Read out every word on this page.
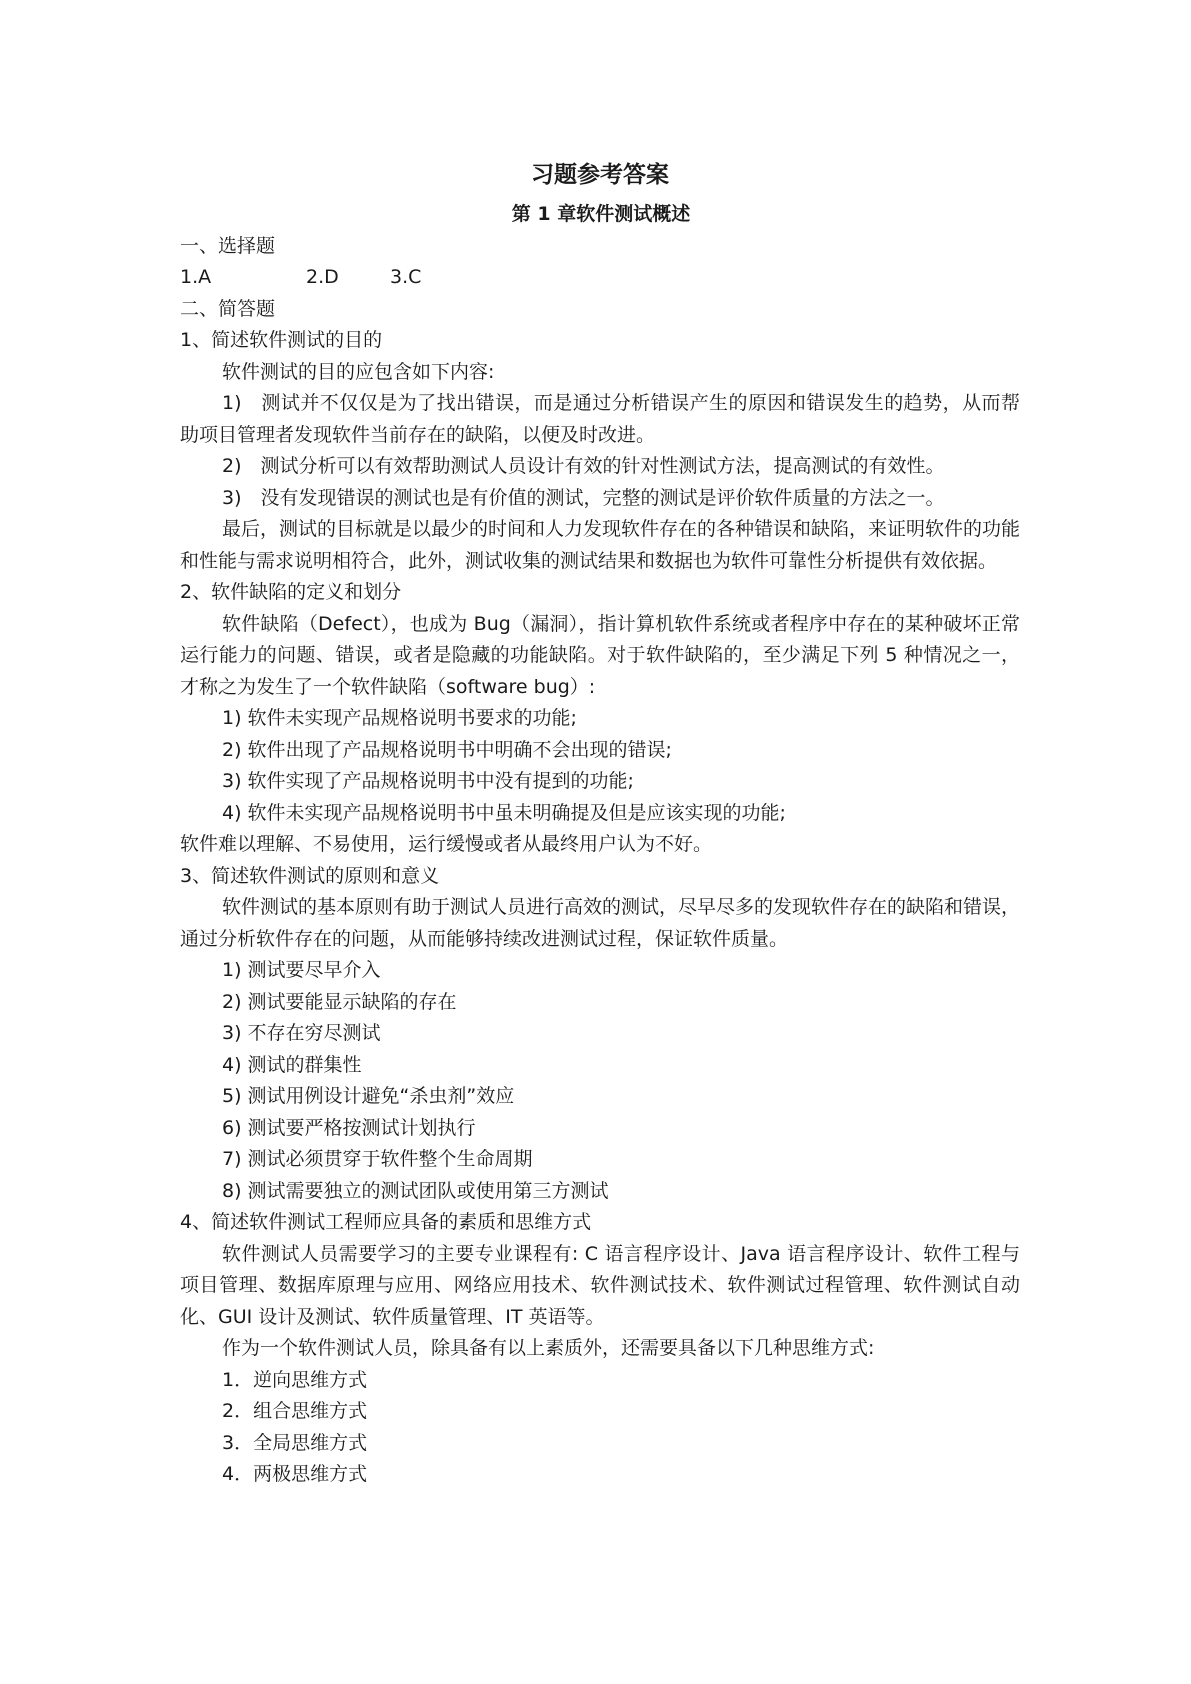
习题参考答案

第 1 章软件测试概述

一、选择题

1.A	2.D	3.C

二、简答题

1、简述软件测试的目的

软件测试的目的应包含如下内容:

1)　测试并不仅仅是为了找出错误，而是通过分析错误产生的原因和错误发生的趋势，从而帮助项目管理者发现软件当前存在的缺陷，以便及时改进。

2)　测试分析可以有效帮助测试人员设计有效的针对性测试方法，提高测试的有效性。

3)　没有发现错误的测试也是有价值的测试，完整的测试是评价软件质量的方法之一。

最后，测试的目标就是以最少的时间和人力发现软件存在的各种错误和缺陷，来证明软件的功能和性能与需求说明相符合，此外，测试收集的测试结果和数据也为软件可靠性分析提供有效依据。

2、软件缺陷的定义和划分

软件缺陷（Defect），也成为 Bug（漏洞），指计算机软件系统或者程序中存在的某种破坏正常运行能力的问题、错误，或者是隐藏的功能缺陷。对于软件缺陷的，至少满足下列 5 种情况之一，才称之为发生了一个软件缺陷（software bug）:

1) 软件未实现产品规格说明书要求的功能;

2) 软件出现了产品规格说明书中明确不会出现的错误;

3) 软件实现了产品规格说明书中没有提到的功能;

4) 软件未实现产品规格说明书中虽未明确提及但是应该实现的功能;

软件难以理解、不易使用，运行缓慢或者从最终用户认为不好。

3、简述软件测试的原则和意义

软件测试的基本原则有助于测试人员进行高效的测试，尽早尽多的发现软件存在的缺陷和错误，通过分析软件存在的问题，从而能够持续改进测试过程，保证软件质量。

1) 测试要尽早介入

2) 测试要能显示缺陷的存在

3) 不存在穷尽测试

4) 测试的群集性

5) 测试用例设计避免“杀虫剂”效应

6) 测试要严格按测试计划执行

7) 测试必须贯穿于软件整个生命周期

8) 测试需要独立的测试团队或使用第三方测试

4、简述软件测试工程师应具备的素质和思维方式

软件测试人员需要学习的主要专业课程有: C 语言程序设计、Java 语言程序设计、软件工程与项目管理、数据库原理与应用、网络应用技术、软件测试技术、软件测试过程管理、软件测试自动化、GUI 设计及测试、软件质量管理、IT 英语等。

作为一个软件测试人员，除具备有以上素质外，还需要具备以下几种思维方式:

1．逆向思维方式

2．组合思维方式

3．全局思维方式

4．两极思维方式
